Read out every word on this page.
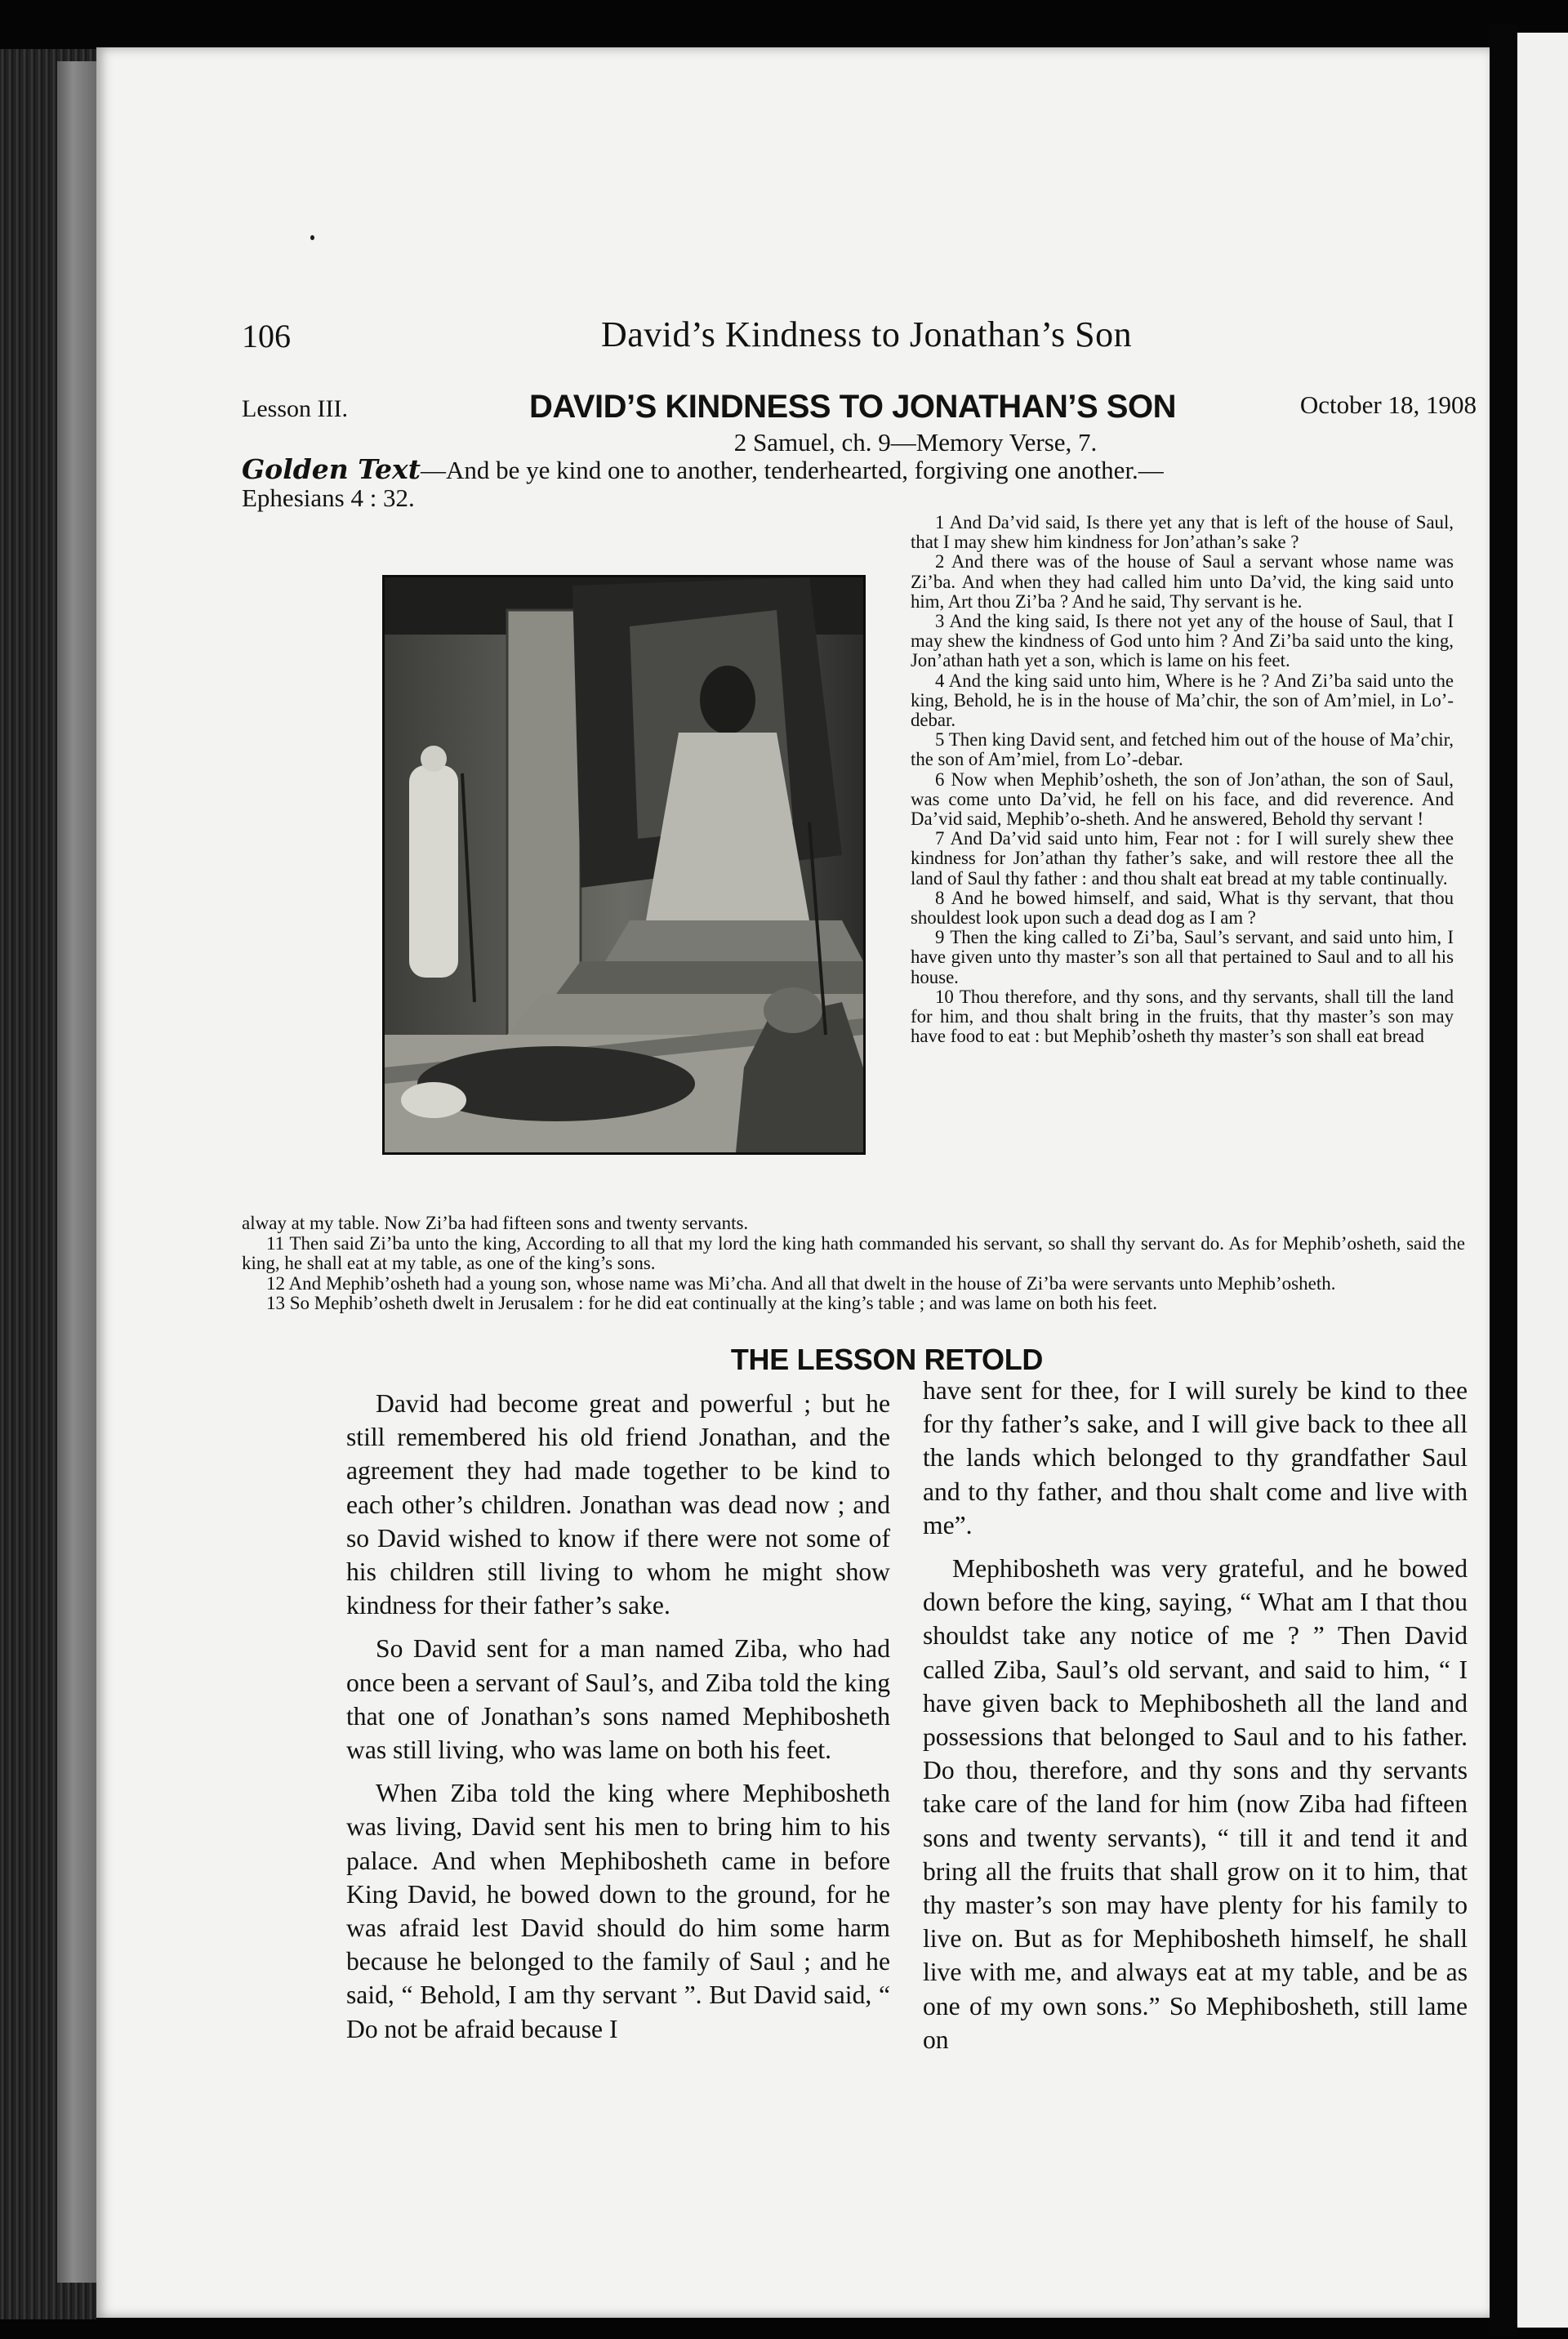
106	David’s Kindness to Jonathan’s Son
Lesson III.	DAVID’S KINDNESS TO JONATHAN’S SON	October 18, 1908
2 Samuel, ch. 9—Memory Verse, 7.
Golden Text—And be ye kind one to another, tenderhearted, forgiving one another.—
Ephesians 4 : 32.

1 And Da’vid said, Is there yet any that is left of the house of Saul, that I may shew him kindness for Jon’athan’s sake ?

2 And there was of the house of Saul a servant whose name was Zi’ba. And when they had called him unto Da’vid, the king said unto him, Art thou Zi’ba ? And he said, Thy servant is he.

3 And the king said, Is there not yet any of the house of Saul, that I may shew the kindness of God unto him ? And Zi’ba said unto the king, Jon’athan hath yet a son, which is lame on his feet.

4 And the king said unto him, Where is he ? And Zi’ba said unto the king, Behold, he is in the house of Ma’chir, the son of Am’miel, in Lo’-debar.

5 Then king David sent, and fetched him out of the house of Ma’chir, the son of Am’miel, from Lo’-debar.

6 Now when Mephib’osheth, the son of Jon’athan, the son of Saul, was come unto Da’vid, he fell on his face, and did reverence. And Da’vid said, Mephib’o-sheth. And he answered, Behold thy servant !

7 And Da’vid said unto him, Fear not : for I will surely shew thee kindness for Jon’athan thy father’s sake, and will restore thee all the land of Saul thy father : and thou shalt eat bread at my table continually.

8 And he bowed himself, and said, What is thy servant, that thou shouldest look upon such a dead dog as I am ?

9 Then the king called to Zi’ba, Saul’s servant, and said unto him, I have given unto thy master’s son all that pertained to Saul and to all his house.

10 Thou therefore, and thy sons, and thy servants, shall till the land for him, and thou shalt bring in the fruits, that thy master’s son may have food to eat : but Mephib’osheth thy master’s son shall eat bread

alway at my table. Now Zi’ba had fifteen sons and twenty servants.

11 Then said Zi’ba unto the king, According to all that my lord the king hath commanded his servant, so shall thy servant do. As for Mephib’osheth, said the king, he shall eat at my table, as one of the king’s sons.

12 And Mephib’osheth had a young son, whose name was Mi’cha. And all that dwelt in the house of Zi’ba were servants unto Mephib’osheth.

13 So Mephib’osheth dwelt in Jerusalem : for he did eat continually at the king’s table ; and was lame on both his feet.

THE LESSON RETOLD

David had become great and powerful ; but he still remembered his old friend Jonathan, and the agreement they had made together to be kind to each other’s children. Jonathan was dead now ; and so David wished to know if there were not some of his children still living to whom he might show kindness for their father’s sake.

So David sent for a man named Ziba, who had once been a servant of Saul’s, and Ziba told the king that one of Jonathan’s sons named Mephibosheth was still living, who was lame on both his feet.

When Ziba told the king where Mephibosheth was living, David sent his men to bring him to his palace. And when Mephibosheth came in before King David, he bowed down to the ground, for he was afraid lest David should do him some harm because he belonged to the family of Saul ; and he said, “ Behold, I am thy servant ”. But David said, “ Do not be afraid because I

have sent for thee, for I will surely be kind to thee for thy father’s sake, and I will give back to thee all the lands which belonged to thy grandfather Saul and to thy father, and thou shalt come and live with me”.

Mephibosheth was very grateful, and he bowed down before the king, saying, “ What am I that thou shouldst take any notice of me ? ” Then David called Ziba, Saul’s old servant, and said to him, “ I have given back to Mephibosheth all the land and possessions that belonged to Saul and to his father. Do thou, therefore, and thy sons and thy servants take care of the land for him (now Ziba had fifteen sons and twenty servants), “ till it and tend it and bring all the fruits that shall grow on it to him, that thy master’s son may have plenty for his family to live on. But as for Mephibosheth himself, he shall live with me, and always eat at my table, and be as one of my own sons.” So Mephibosheth, still lame on
